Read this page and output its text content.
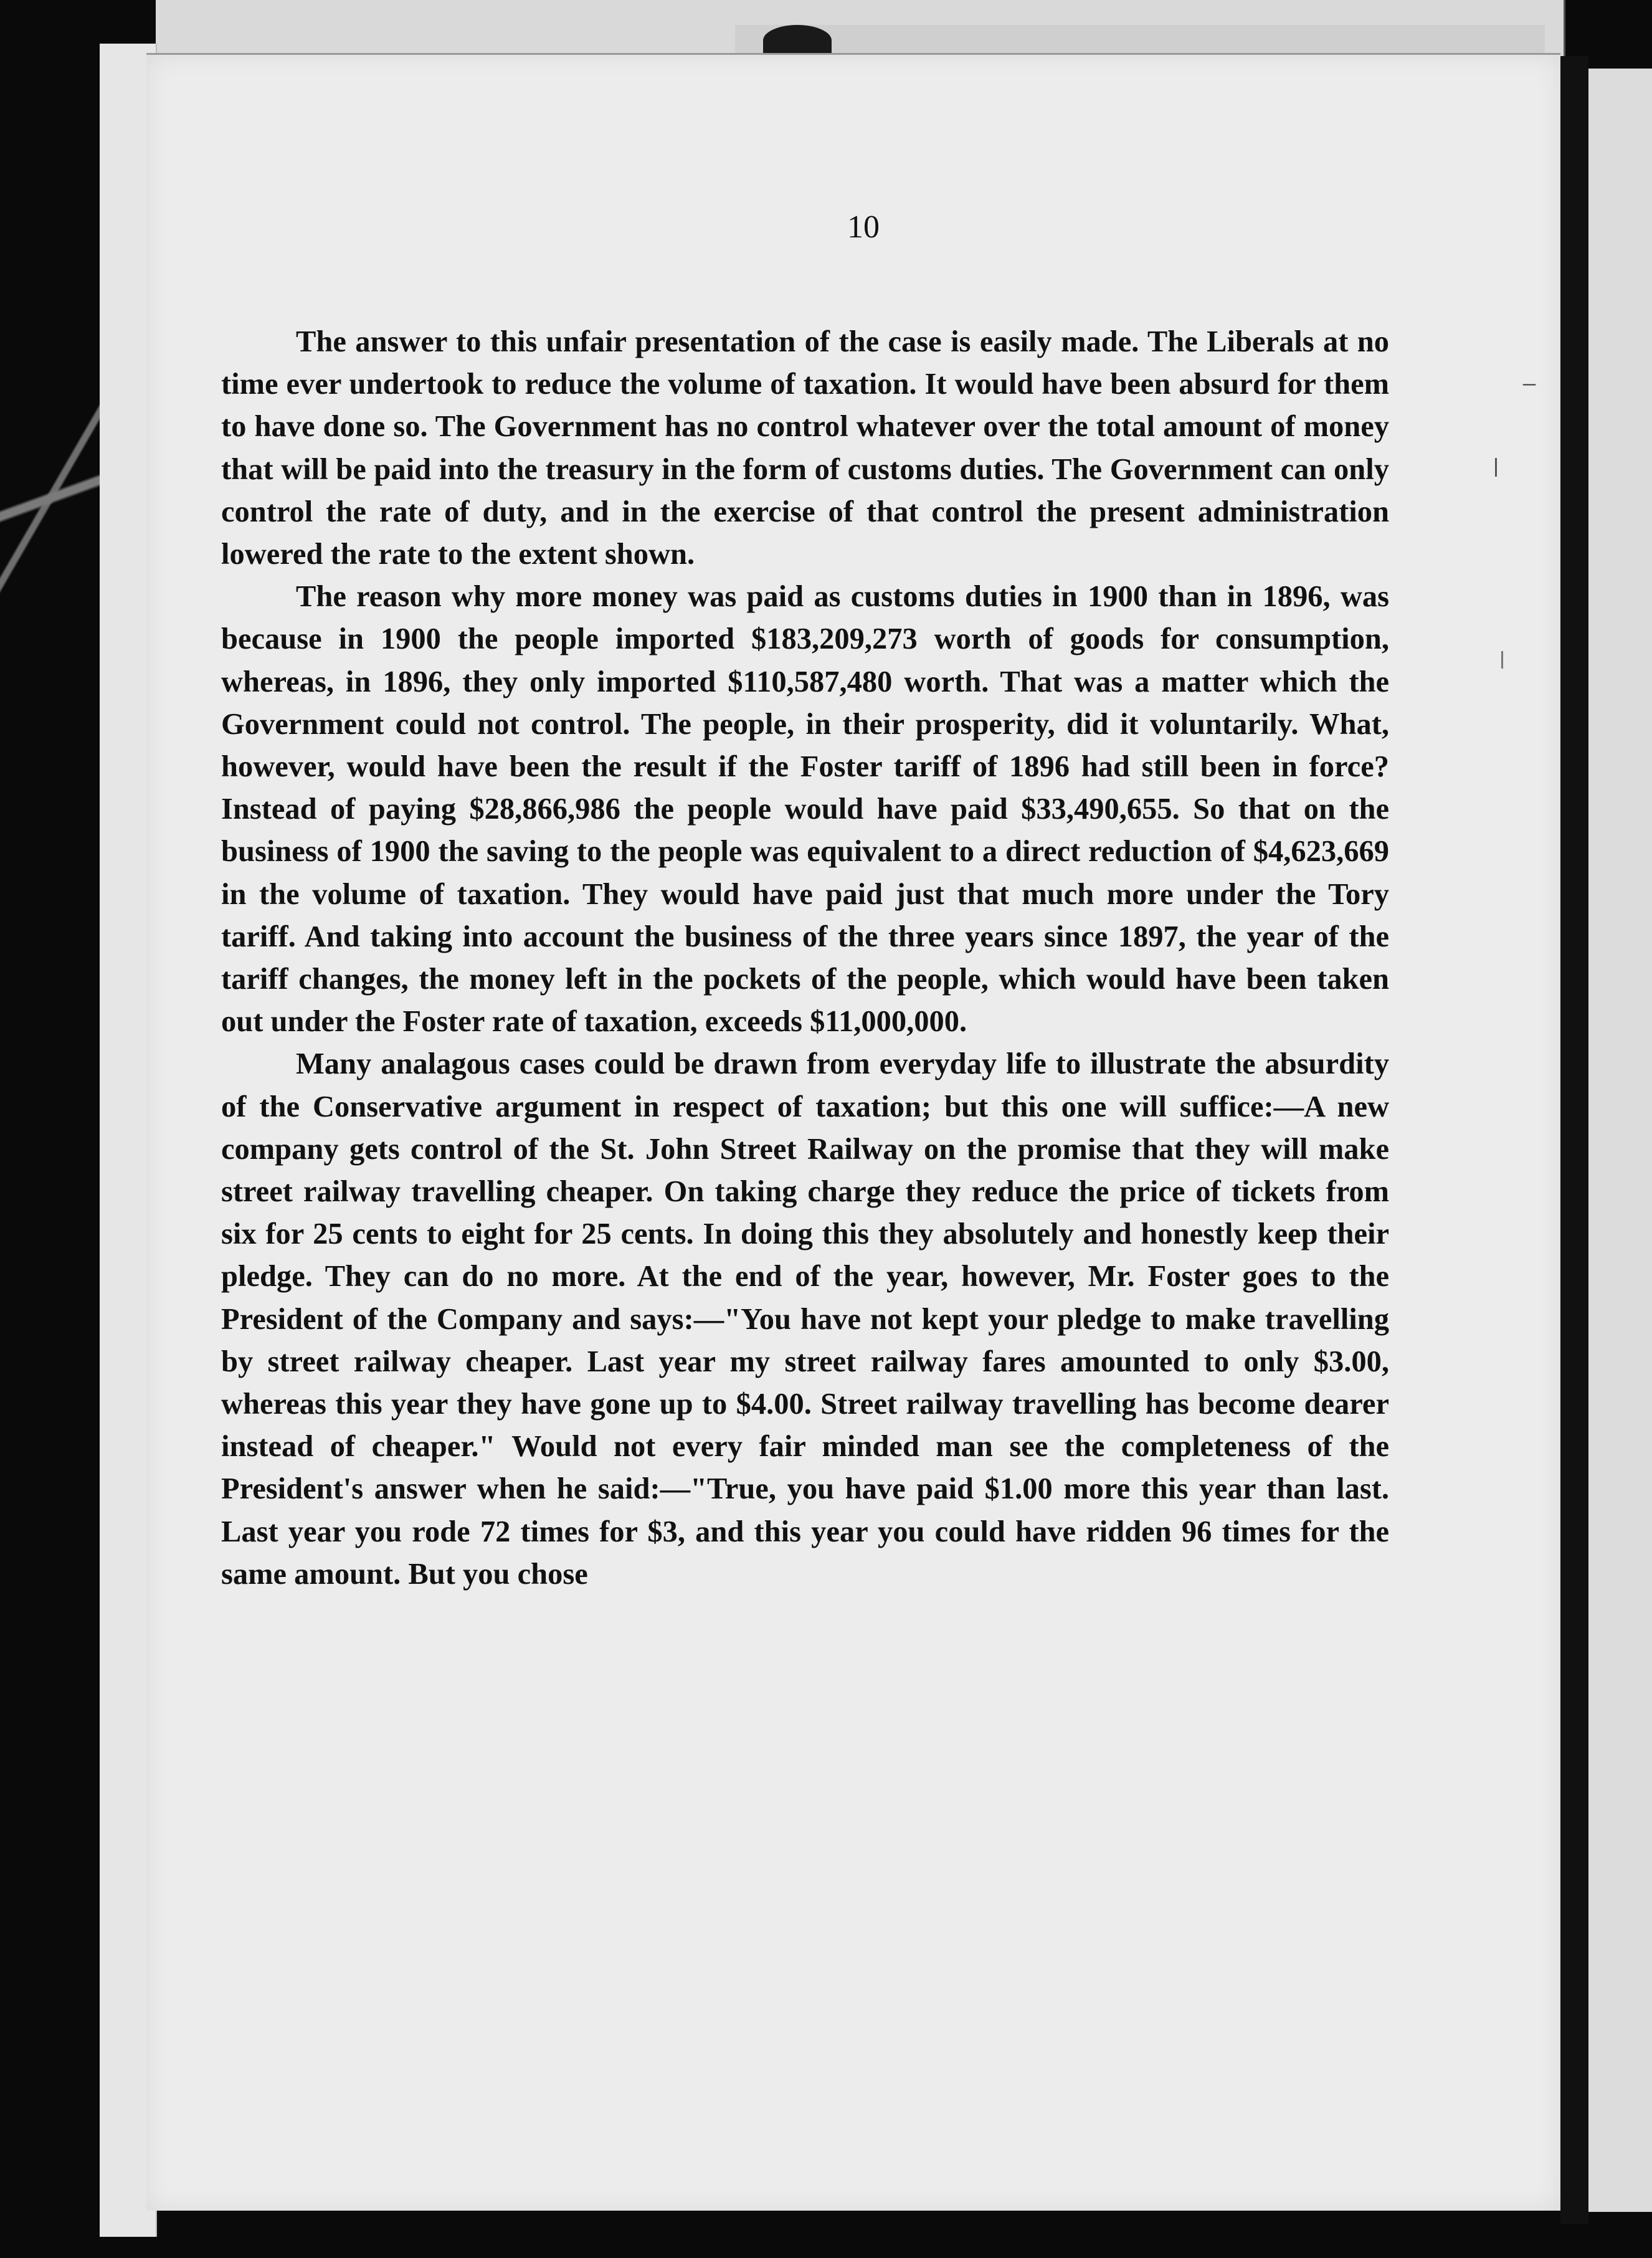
10

The answer to this unfair presentation of the case is easily made. The Liberals at no time ever undertook to reduce the volume of taxation. It would have been absurd for them to have done so. The Government has no control whatever over the total amount of money that will be paid into the treasury in the form of customs duties. The Government can only control the rate of duty, and in the exercise of that control the present administration lowered the rate to the extent shown.

The reason why more money was paid as customs duties in 1900 than in 1896, was because in 1900 the people imported $183,209,273 worth of goods for consumption, whereas, in 1896, they only imported $110,587,480 worth. That was a matter which the Government could not control. The people, in their prosperity, did it voluntarily. What, however, would have been the result if the Foster tariff of 1896 had still been in force? Instead of paying $28,866,986 the people would have paid $33,490,655. So that on the business of 1900 the saving to the people was equivalent to a direct reduction of $4,623,669 in the volume of taxation. They would have paid just that much more under the Tory tariff. And taking into account the business of the three years since 1897, the year of the tariff changes, the money left in the pockets of the people, which would have been taken out under the Foster rate of taxation, exceeds $11,000,000.

Many analagous cases could be drawn from everyday life to illustrate the absurdity of the Conservative argument in respect of taxation; but this one will suffice:—A new company gets control of the St. John Street Railway on the promise that they will make street railway travelling cheaper. On taking charge they reduce the price of tickets from six for 25 cents to eight for 25 cents. In doing this they absolutely and honestly keep their pledge. They can do no more. At the end of the year, however, Mr. Foster goes to the President of the Company and says:—"You have not kept your pledge to make travelling by street railway cheaper. Last year my street railway fares amounted to only $3.00, whereas this year they have gone up to $4.00. Street railway travelling has become dearer instead of cheaper." Would not every fair minded man see the completeness of the President's answer when he said:—"True, you have paid $1.00 more this year than last. Last year you rode 72 times for $3, and this year you could have ridden 96 times for the same amount. But you chose

–
